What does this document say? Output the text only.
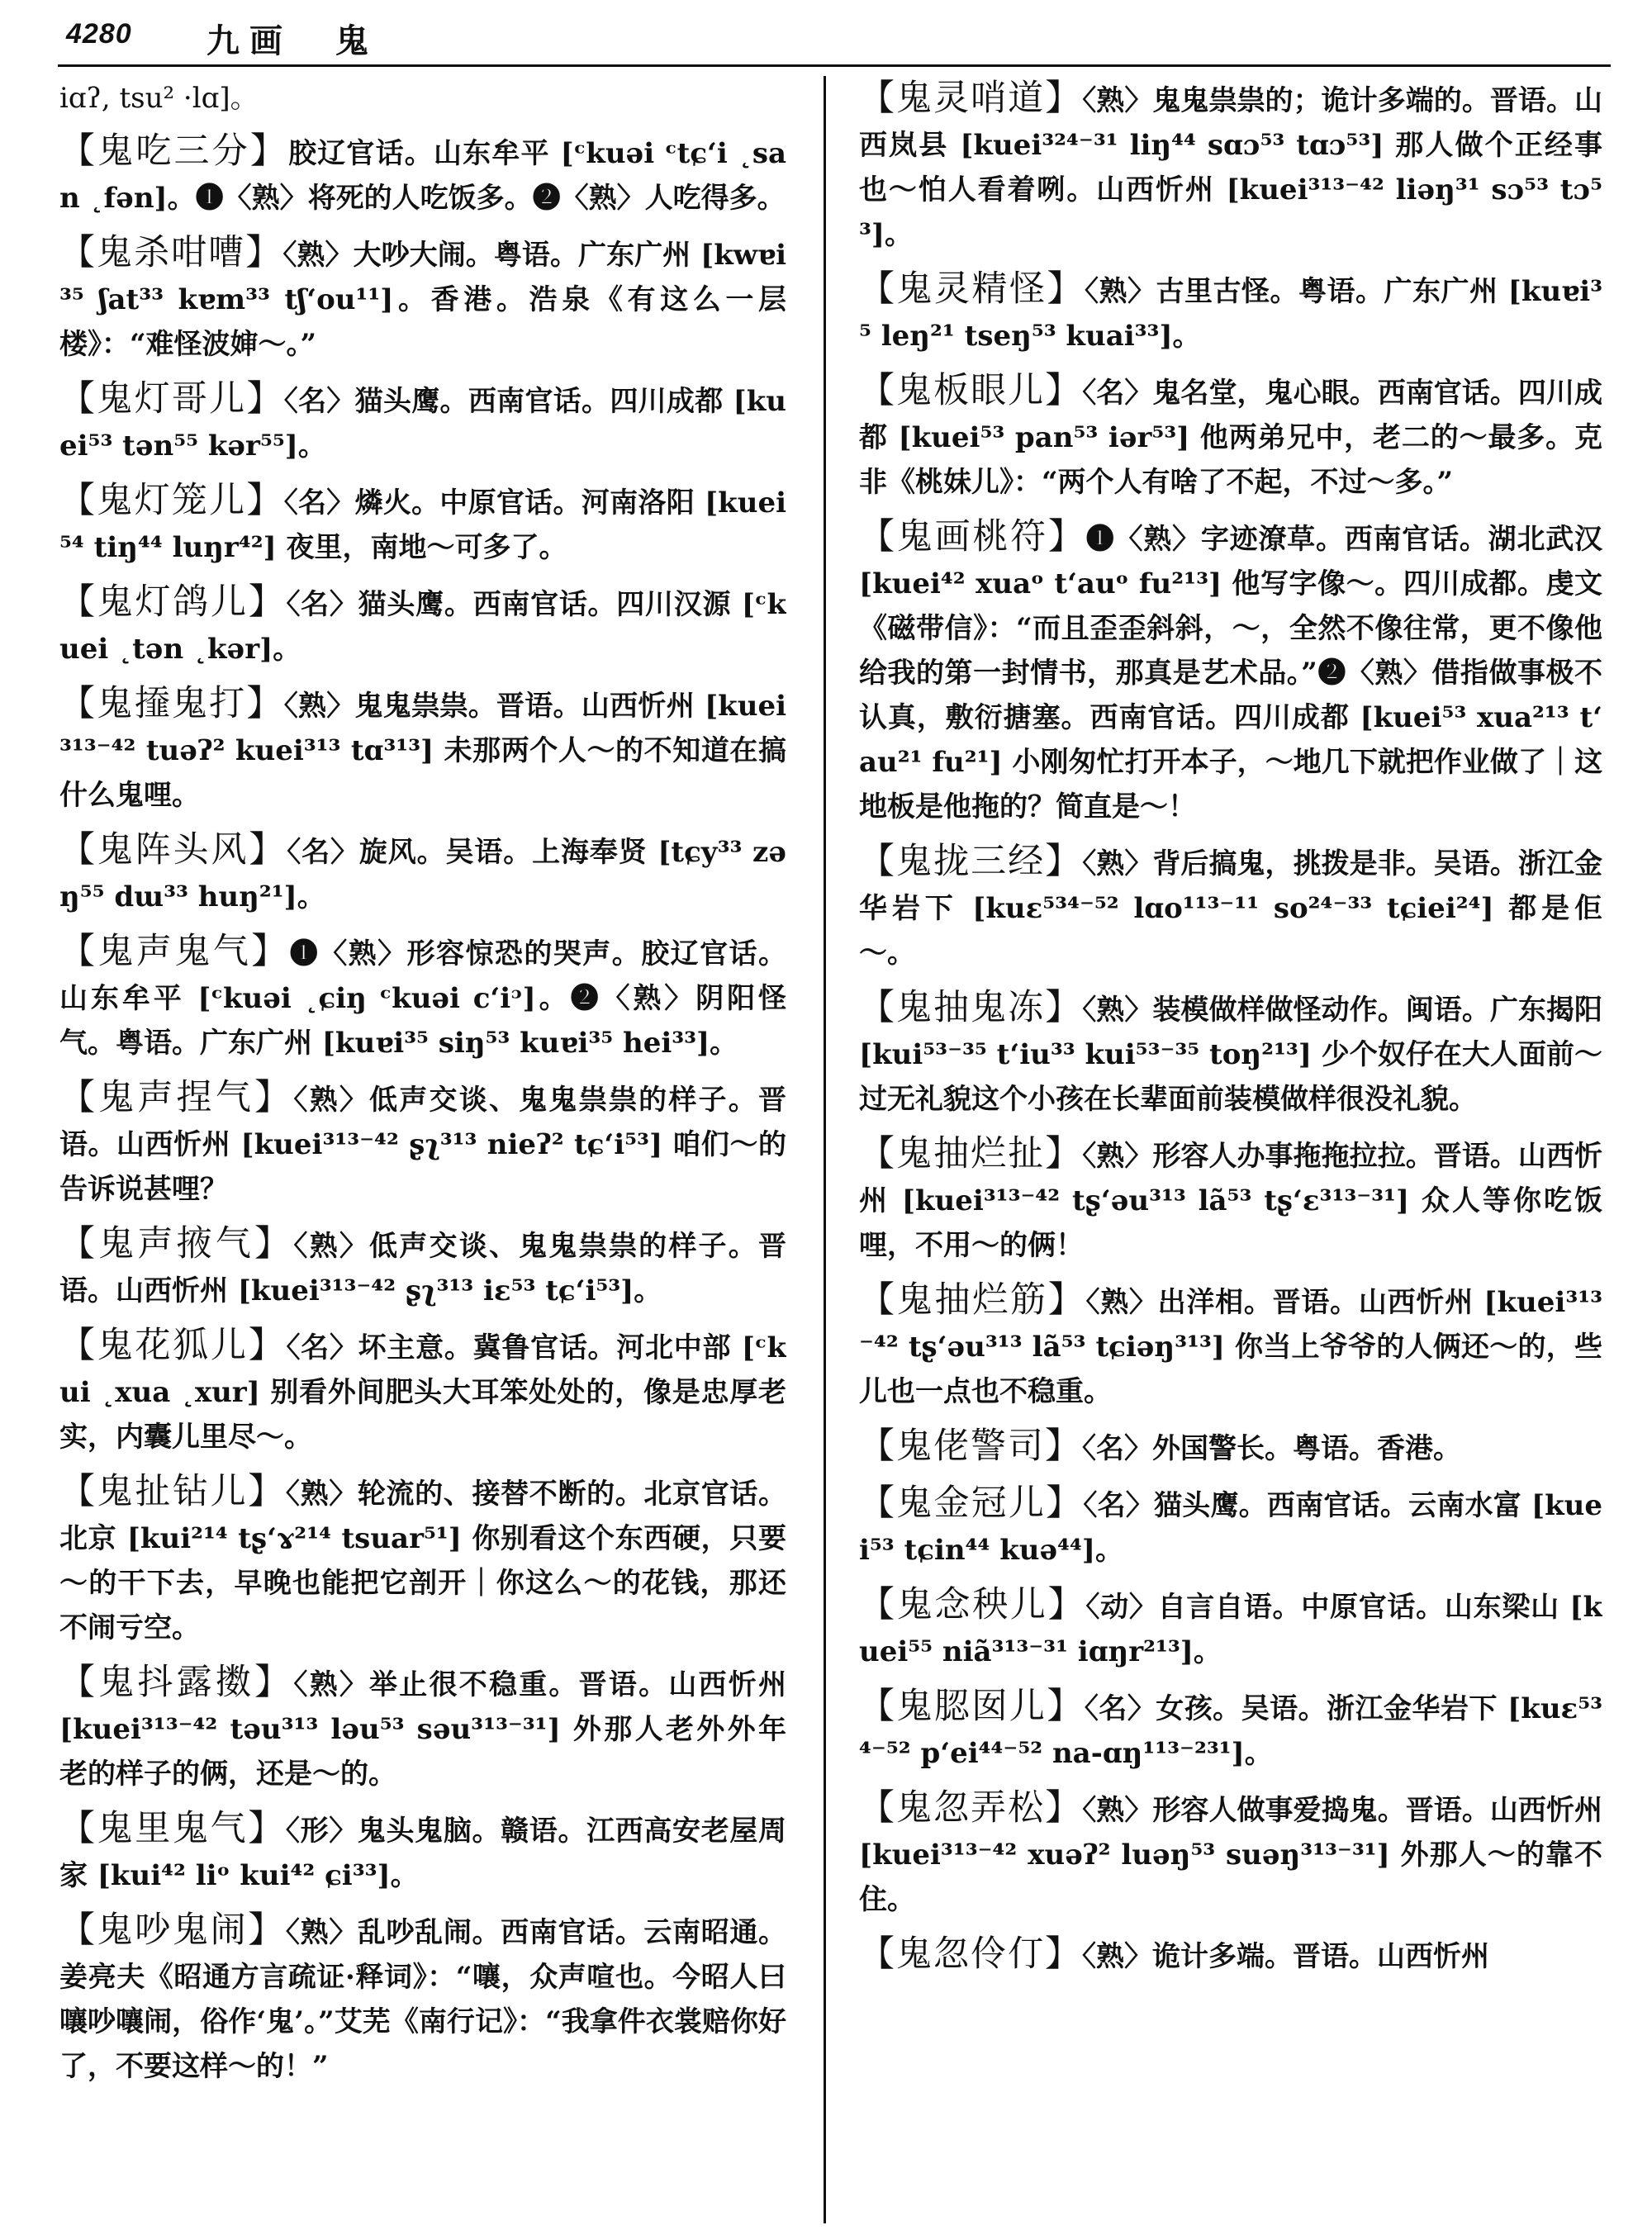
4280 九画　鬼

iɑʔ, tsu² ·lɑ]。

【鬼吃三分】胶辽官话。山东牟平 [ᶜkuəi ᶜtɕʻi ˛san ˛fən]。❶〈熟〉将死的人吃饭多。❷〈熟〉人吃得多。

【鬼杀咁嘈】〈熟〉大吵大闹。粤语。广东广州 [kwɐi³⁵ ʃat³³ kɐm³³ tʃʻou¹¹]。香港。浩泉《有这么一层楼》：“难怪波婶～。”

【鬼灯哥儿】〈名〉猫头鹰。西南官话。四川成都 [kuei⁵³ tən⁵⁵ kər⁵⁵]。

【鬼灯笼儿】〈名〉燐火。中原官话。河南洛阳 [kuei⁵⁴ tiŋ⁴⁴ luŋr⁴²] 夜里，南地～可多了。

【鬼灯鸽儿】〈名〉猫头鹰。西南官话。四川汉源 [ᶜkuei ˛tən ˛kər]。

【鬼𢶍鬼打】〈熟〉鬼鬼祟祟。晋语。山西忻州 [kuei³¹³⁻⁴² tuəʔ² kuei³¹³ tɑ³¹³] 未那两个人～的不知道在搞什么鬼哩。

【鬼阵头风】〈名〉旋风。吴语。上海奉贤 [tɕy³³ zəŋ⁵⁵ dɯ³³ huŋ²¹]。

【鬼声鬼气】❶〈熟〉形容惊恐的哭声。胶辽官话。山东牟平 [ᶜkuəi ˛ɕiŋ ᶜkuəi cʻiᵓ]。❷〈熟〉阴阳怪气。粤语。广东广州 [kuɐi³⁵ siŋ⁵³ kuɐi³⁵ hei³³]。

【鬼声捏气】〈熟〉低声交谈、鬼鬼祟祟的样子。晋语。山西忻州 [kuei³¹³⁻⁴² ʂʅ³¹³ nieʔ² tɕʻi⁵³] 咱们～的告诉说甚哩？

【鬼声掖气】〈熟〉低声交谈、鬼鬼祟祟的样子。晋语。山西忻州 [kuei³¹³⁻⁴² ʂʅ³¹³ iɛ⁵³ tɕʻi⁵³]。

【鬼花狐儿】〈名〉坏主意。冀鲁官话。河北中部 [ᶜkui ˛xua ˛xur] 别看外间肥头大耳笨处处的，像是忠厚老实，内囊儿里尽～。

【鬼扯钻儿】〈熟〉轮流的、接替不断的。北京官话。北京 [kui²¹⁴ tʂʻɤ²¹⁴ tsuar⁵¹] 你别看这个东西硬，只要～的干下去，早晚也能把它剖开｜你这么～的花钱，那还不闹亏空。

【鬼抖露擞】〈熟〉举止很不稳重。晋语。山西忻州 [kuei³¹³⁻⁴² təu³¹³ ləu⁵³ səu³¹³⁻³¹] 外那人老外外年老的样子的俩，还是～的。

【鬼里鬼气】〈形〉鬼头鬼脑。赣语。江西高安老屋周家 [kui⁴² liᵒ kui⁴² ɕi³³]。

【鬼吵鬼闹】〈熟〉乱吵乱闹。西南官话。云南昭通。姜亮夫《昭通方言疏证·释词》：“嚷，众声喧也。今昭人曰嚷吵嚷闹，俗作‘鬼’。”艾芜《南行记》：“我拿件衣裳赔你好了，不要这样～的！”

【鬼灵哨道】〈熟〉鬼鬼祟祟的；诡计多端的。晋语。山西岚县 [kuei³²⁴⁻³¹ liŋ⁴⁴ sɑɔ⁵³ tɑɔ⁵³] 那人做个正经事也～怕人看着咧。山西忻州 [kuei³¹³⁻⁴² liəŋ³¹ sɔ⁵³ tɔ⁵³]。

【鬼灵精怪】〈熟〉古里古怪。粤语。广东广州 [kuɐi³⁵ leŋ²¹ tseŋ⁵³ kuai³³]。

【鬼板眼儿】〈名〉鬼名堂，鬼心眼。西南官话。四川成都 [kuei⁵³ pan⁵³ iər⁵³] 他两弟兄中，老二的～最多。克非《桃妹儿》：“两个人有啥了不起，不过～多。”

【鬼画桃符】❶〈熟〉字迹潦草。西南官话。湖北武汉 [kuei⁴² xuaᵒ tʻauᵒ fu²¹³] 他写字像～。四川成都。虔文《磁带信》：“而且歪歪斜斜，～，全然不像往常，更不像他给我的第一封情书，那真是艺术品。”❷〈熟〉借指做事极不认真，敷衍搪塞。西南官话。四川成都 [kuei⁵³ xua²¹³ tʻau²¹ fu²¹] 小刚匆忙打开本子，～地几下就把作业做了｜这地板是他拖的？简直是～！

【鬼拢三经】〈熟〉背后搞鬼，挑拨是非。吴语。浙江金华岩下 [kuɛ⁵³⁴⁻⁵² lɑo¹¹³⁻¹¹ so²⁴⁻³³ tɕiei²⁴] 都是佢～。

【鬼抽鬼冻】〈熟〉装模做样做怪动作。闽语。广东揭阳 [kui⁵³⁻³⁵ tʻiu³³ kui⁵³⁻³⁵ toŋ²¹³] 少个奴仔在大人面前～过无礼貌这个小孩在长辈面前装模做样很没礼貌。

【鬼抽烂扯】〈熟〉形容人办事拖拖拉拉。晋语。山西忻州 [kuei³¹³⁻⁴² tʂʻəu³¹³ lã⁵³ tʂʻɛ³¹³⁻³¹] 众人等你吃饭哩，不用～的俩！

【鬼抽烂筋】〈熟〉出洋相。晋语。山西忻州 [kuei³¹³⁻⁴² tʂʻəu³¹³ lã⁵³ tɕiəŋ³¹³] 你当上爷爷的人俩还～的，些儿也一点也不稳重。

【鬼佬警司】〈名〉外国警长。粤语。香港。

【鬼金冠儿】〈名〉猫头鹰。西南官话。云南水富 [kuei⁵³ tɕin⁴⁴ kuə⁴⁴]。

【鬼念秧儿】〈动〉自言自语。中原官话。山东梁山 [kuei⁵⁵ niã³¹³⁻³¹ iɑŋr²¹³]。

【鬼䏰囡儿】〈名〉女孩。吴语。浙江金华岩下 [kuɛ⁵³⁴⁻⁵² pʻei⁴⁴⁻⁵² na-ɑŋ¹¹³⁻²³¹]。

【鬼忽弄松】〈熟〉形容人做事爱捣鬼。晋语。山西忻州 [kuei³¹³⁻⁴² xuəʔ² luəŋ⁵³ suəŋ³¹³⁻³¹] 外那人～的靠不住。

【鬼忽伶仃】〈熟〉诡计多端。晋语。山西忻州
